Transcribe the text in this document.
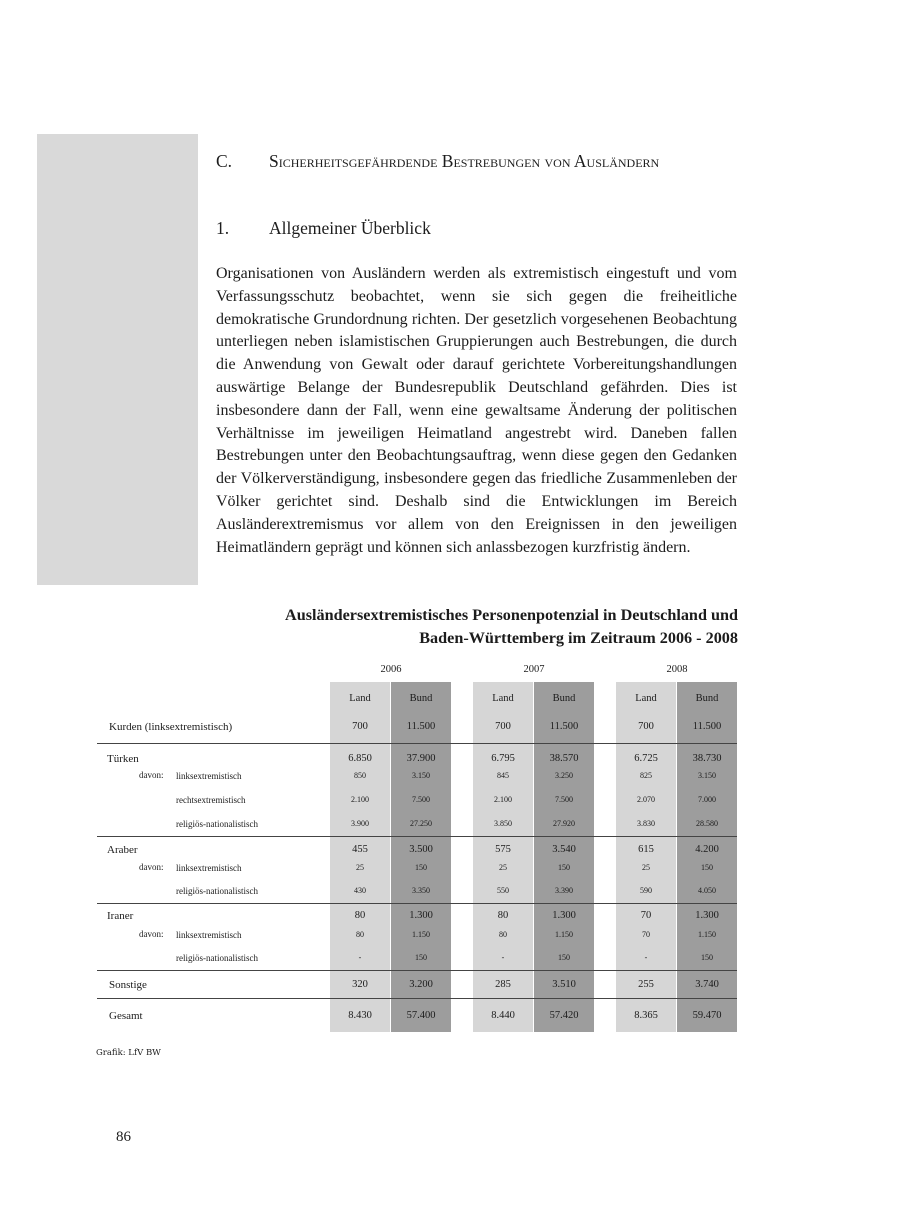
C. Sicherheitsgefährdende Bestrebungen von Ausländern
1. Allgemeiner Überblick
Organisationen von Ausländern werden als extremistisch eingestuft und vom Verfassungsschutz beobachtet, wenn sie sich gegen die freiheitliche demokratische Grundordnung richten. Der gesetzlich vorgesehenen Beobachtung unterliegen neben islamistischen Gruppierungen auch Bestrebungen, die durch die Anwendung von Gewalt oder darauf gerichtete Vorbereitungshandlungen auswärtige Belange der Bundesrepublik Deutschland gefährden. Dies ist insbesondere dann der Fall, wenn eine gewaltsame Änderung der politischen Verhältnisse im jeweiligen Heimatland angestrebt wird. Daneben fallen Bestrebungen unter den Beobachtungsauftrag, wenn diese gegen den Gedanken der Völkerverständigung, insbesondere gegen das friedliche Zusammenleben der Völker gerichtet sind. Deshalb sind die Entwicklungen im Bereich Ausländerextremismus vor allem von den Ereignissen in den jeweiligen Heimatländern geprägt und können sich anlassbezogen kurzfristig ändern.
Ausländersextremistisches Personenpotenzial in Deutschland und
Baden-Württemberg im Zeitraum 2006 - 2008
2006
Land	Bund
2007
Land	Bund
2008
Land	Bund
Kurden (linksextremistisch)	700	11.500	700	11.500	700	11.500
Türken	6.850	37.900	6.795	38.570	6.725	38.730
davon: linksextremistisch	850	3.150	845	3.250	825	3.150
rechtsextremistisch	2.100	7.500	2.100	7.500	2.070	7.000
religiös-nationalistisch	3.900	27.250	3.850	27.920	3.830	28.580
Araber	455	3.500	575	3.540	615	4.200
davon: linksextremistisch	25	150	25	150	25	150
religiös-nationalistisch	430	3.350	550	3.390	590	4.050
Iraner	80	1.300	80	1.300	70	1.300
davon: linksextremistisch	80	1.150	80	1.150	70	1.150
religiös-nationalistisch	-	150	-	150	-	150
Sonstige	320	3.200	285	3.510	255	3.740
Gesamt	8.430	57.400	8.440	57.420	8.365	59.470
Grafik: LfV BW
86
